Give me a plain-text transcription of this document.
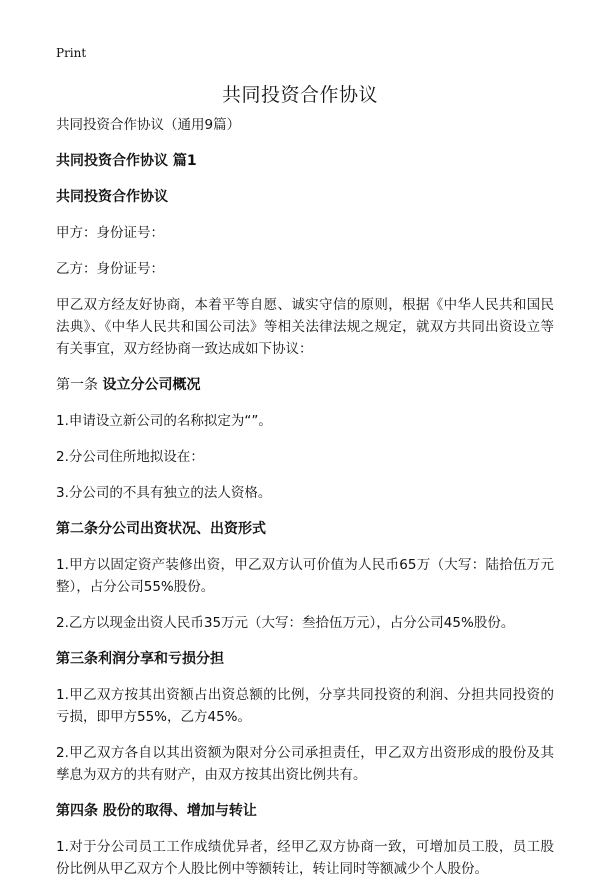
Print
共同投资合作协议

共同投资合作协议（通用9篇）

共同投资合作协议 篇1

共同投资合作协议

甲方：身份证号：

乙方：身份证号：

甲乙双方经友好协商，本着平等自愿、诚实守信的原则，根据《中华人民共和国民法典》、《中华人民共和国公司法》等相关法律法规之规定，就双方共同出资设立等有关事宜，双方经协商一致达成如下协议：

第一条 设立分公司概况

1.申请设立新公司的名称拟定为“”。

2.分公司住所地拟设在：

3.分公司的不具有独立的法人资格。

第二条分公司出资状况、出资形式

1.甲方以固定资产装修出资，甲乙双方认可价值为人民币65万（大写：陆拾伍万元整），占分公司55%股份。

2.乙方以现金出资人民币35万元（大写：叁拾伍万元），占分公司45%股份。

第三条利润分享和亏损分担

1.甲乙双方按其出资额占出资总额的比例，分享共同投资的利润、分担共同投资的亏损，即甲方55%，乙方45%。

2.甲乙双方各自以其出资额为限对分公司承担责任，甲乙双方出资形成的股份及其孳息为双方的共有财产，由双方按其出资比例共有。

第四条 股份的取得、增加与转让

1.对于分公司员工工作成绩优异者，经甲乙双方协商一致，可增加员工股，员工股份比例从甲乙双方个人股比例中等额转让，转让同时等额减少个人股份。
